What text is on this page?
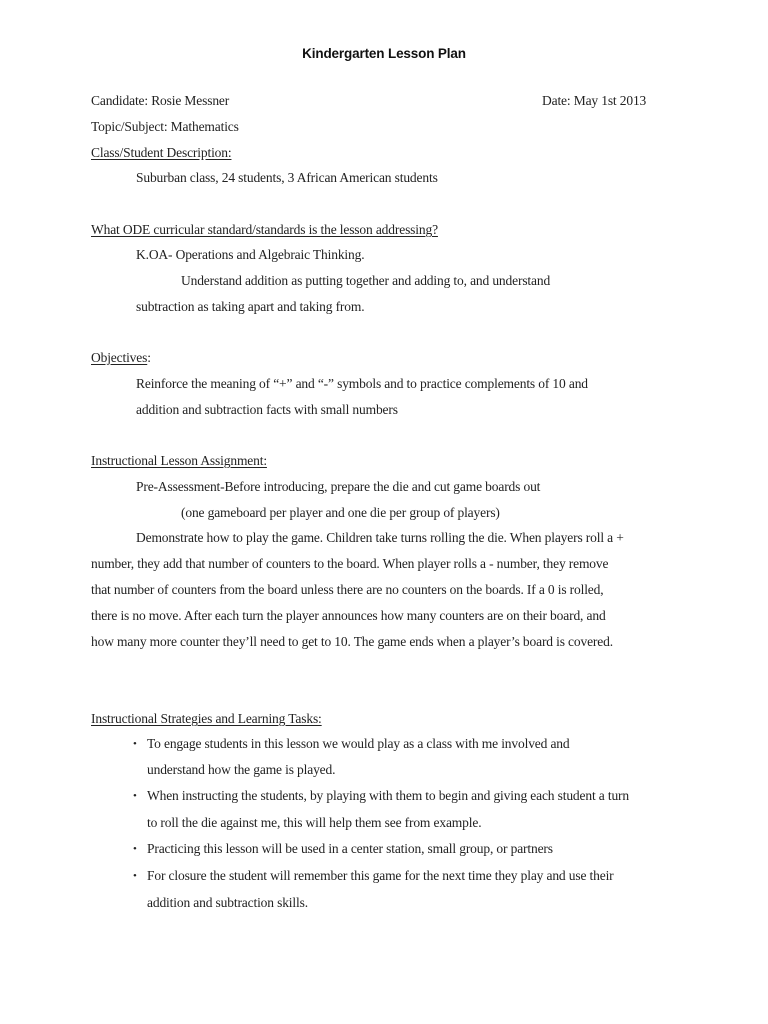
Kindergarten Lesson Plan
Candidate: Rosie Messner	Date: May 1st 2013
Topic/Subject: Mathematics
Class/Student Description:
Suburban class, 24 students, 3 African American students
What ODE curricular standard/standards is the lesson addressing?
K.OA- Operations and Algebraic Thinking.
Understand addition as putting together and adding to, and understand
subtraction as taking apart and taking from.
Objectives:
Reinforce the meaning of “+” and “-” symbols and to practice complements of 10 and
addition and subtraction facts with small numbers
Instructional Lesson Assignment:
Pre-Assessment-Before introducing, prepare the die and cut game boards out
(one gameboard per player and one die per group of players)
Demonstrate how to play the game. Children take turns rolling the die. When players roll a +
number, they add that number of counters to the board. When player rolls a - number, they remove
that number of counters from the board unless there are no counters on the boards. If a 0 is rolled,
there is no move. After each turn the player announces how many counters are on their board, and
how many more counter they’ll need to get to 10. The game ends when a player’s board is covered.
Instructional Strategies and Learning Tasks:
• To engage students in this lesson we would play as a class with me involved and
understand how the game is played.
• When instructing the students, by playing with them to begin and giving each student a turn
to roll the die against me, this will help them see from example.
• Practicing this lesson will be used in a center station, small group, or partners
• For closure the student will remember this game for the next time they play and use their
addition and subtraction skills.
